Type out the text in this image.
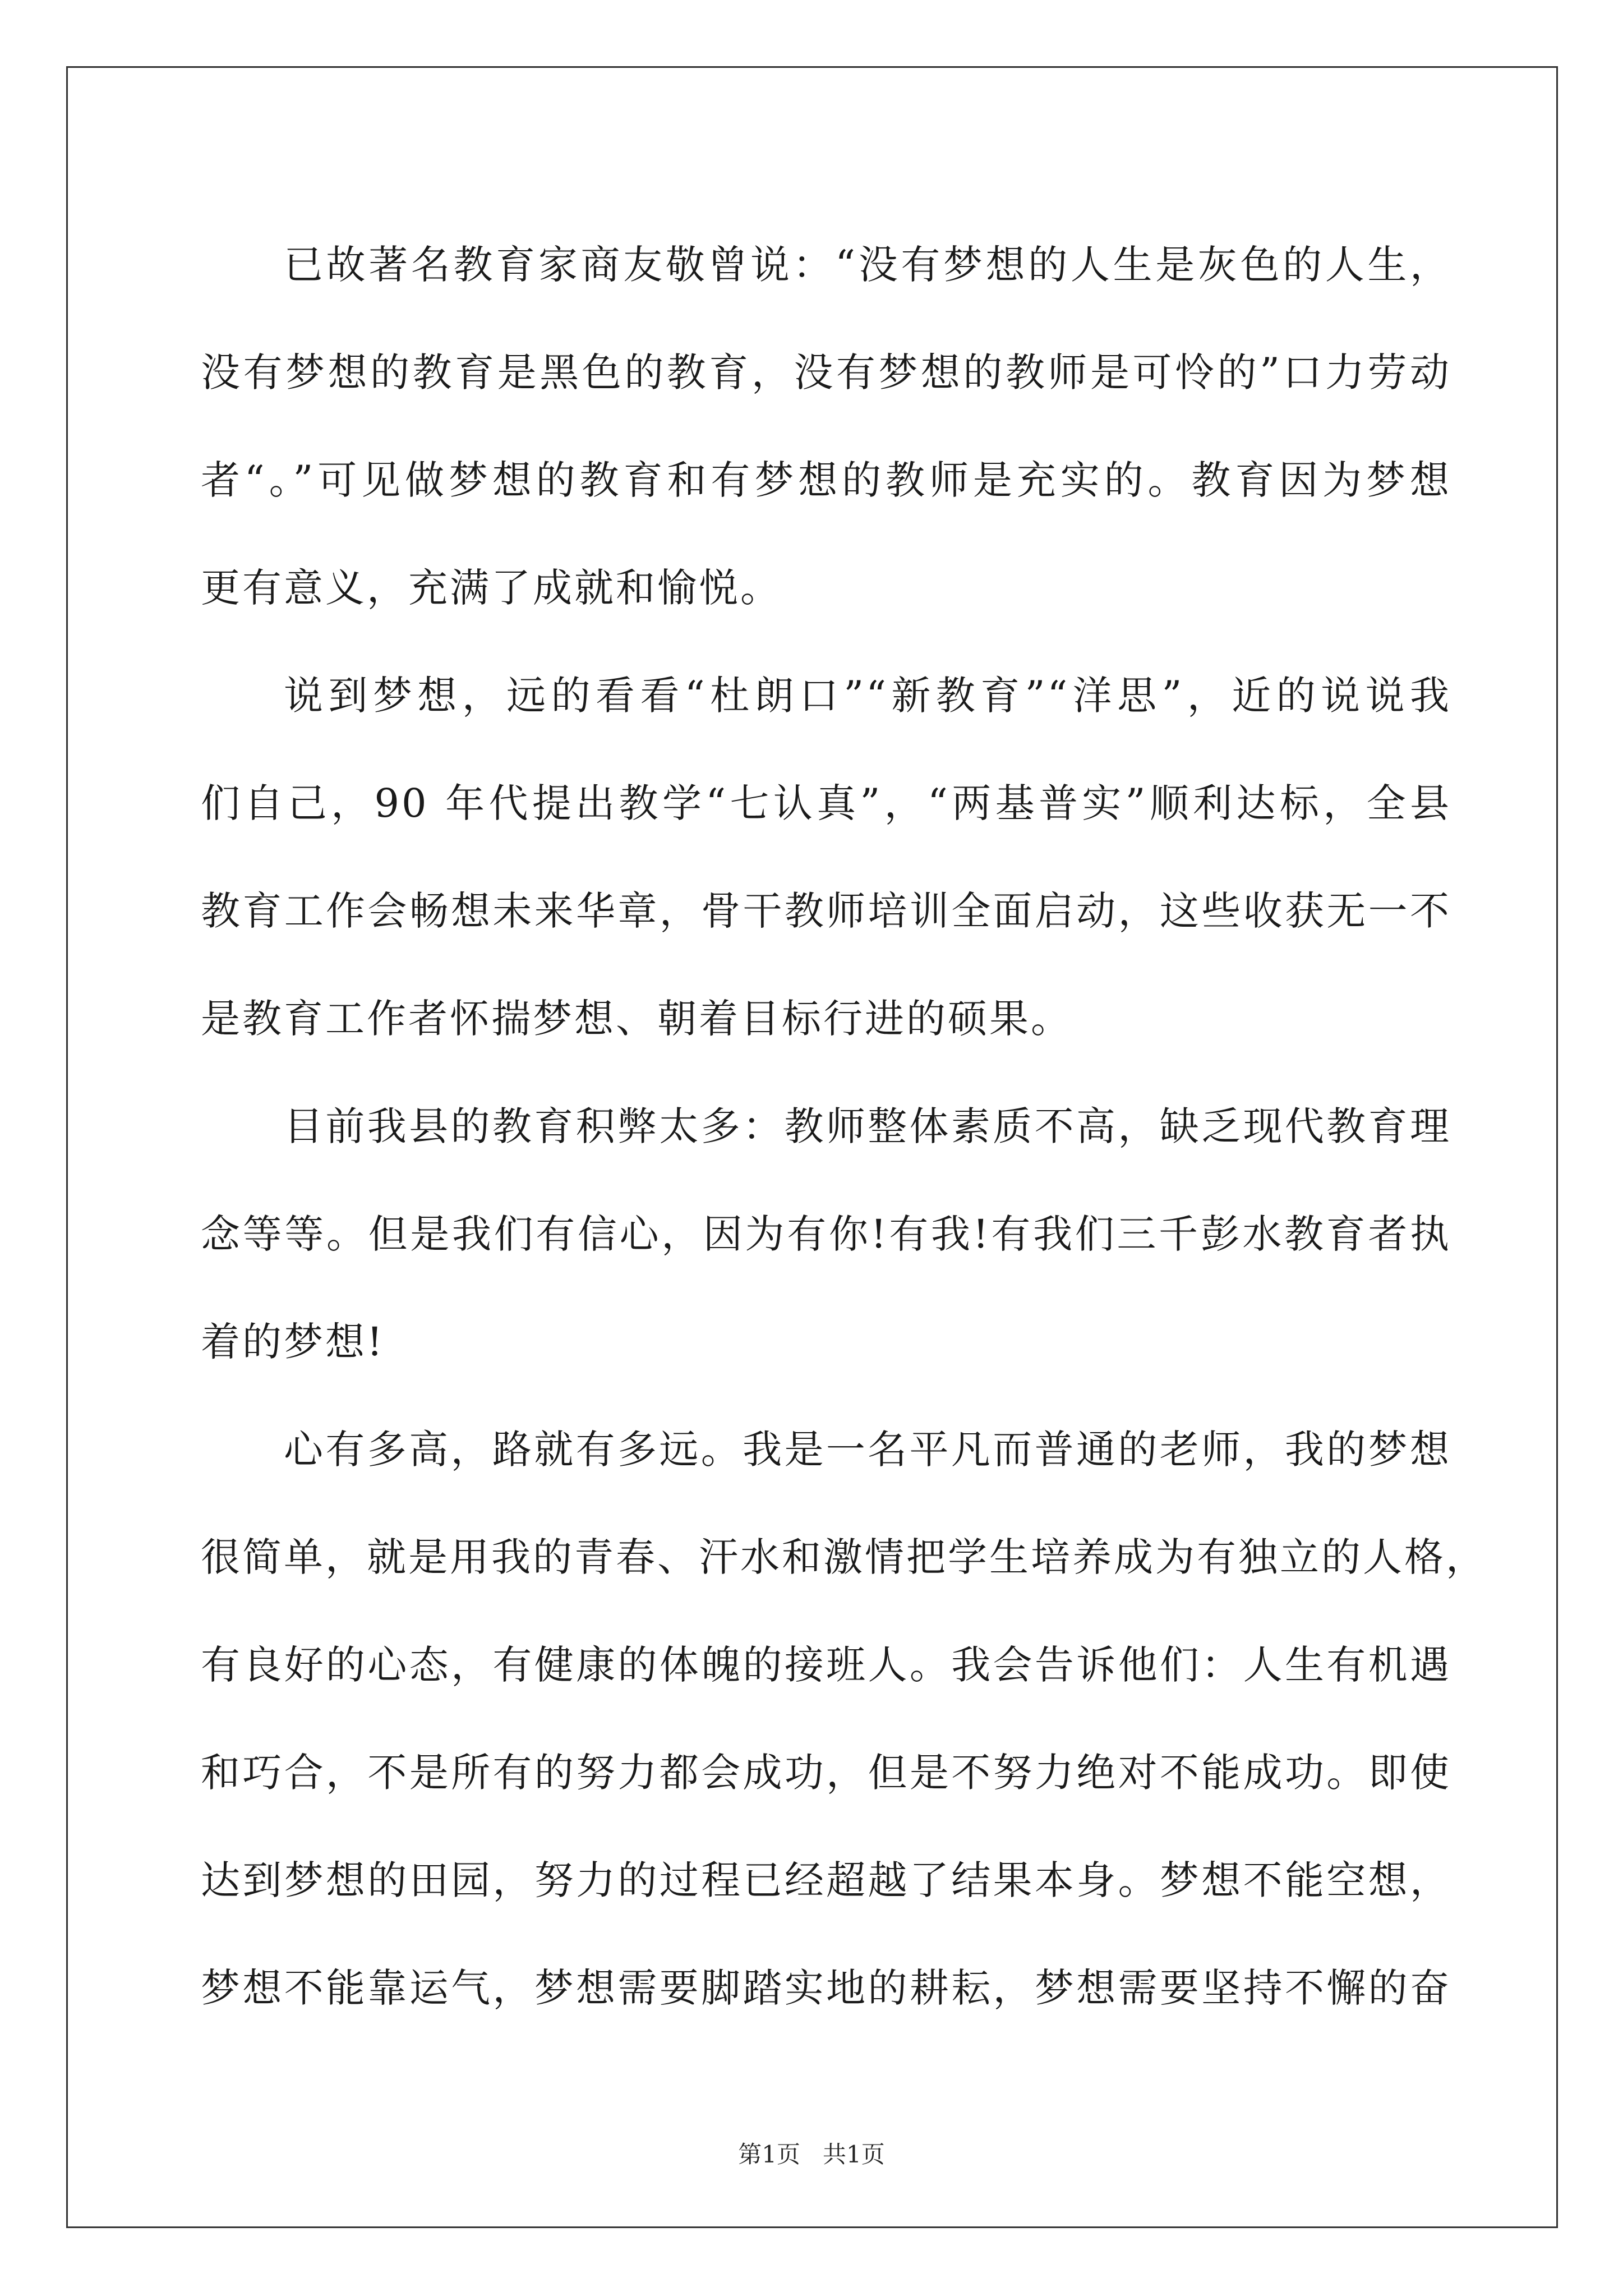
已故著名教育家商友敬曾说：“没有梦想的人生是灰色的人生，
没有梦想的教育是黑色的教育，没有梦想的教师是可怜的”口力劳动
者“。”可见做梦想的教育和有梦想的教师是充实的。教育因为梦想
更有意义，充满了成就和愉悦。
说到梦想，远的看看“杜朗口”“新教育”“洋思”，近的说说我
们自己，90 年代提出教学“七认真”，“两基普实”顺利达标，全县
教育工作会畅想未来华章，骨干教师培训全面启动，这些收获无一不
是教育工作者怀揣梦想、朝着目标行进的硕果。
目前我县的教育积弊太多：教师整体素质不高，缺乏现代教育理
念等等。但是我们有信心，因为有你!有我!有我们三千彭水教育者执
着的梦想!
心有多高，路就有多远。我是一名平凡而普通的老师，我的梦想
很简单，就是用我的青春、汗水和激情把学生培养成为有独立的人格，
有良好的心态，有健康的体魄的接班人。我会告诉他们：人生有机遇
和巧合，不是所有的努力都会成功，但是不努力绝对不能成功。即使
达到梦想的田园，努力的过程已经超越了结果本身。梦想不能空想，
梦想不能靠运气，梦想需要脚踏实地的耕耘，梦想需要坚持不懈的奋
第1页 共1页
